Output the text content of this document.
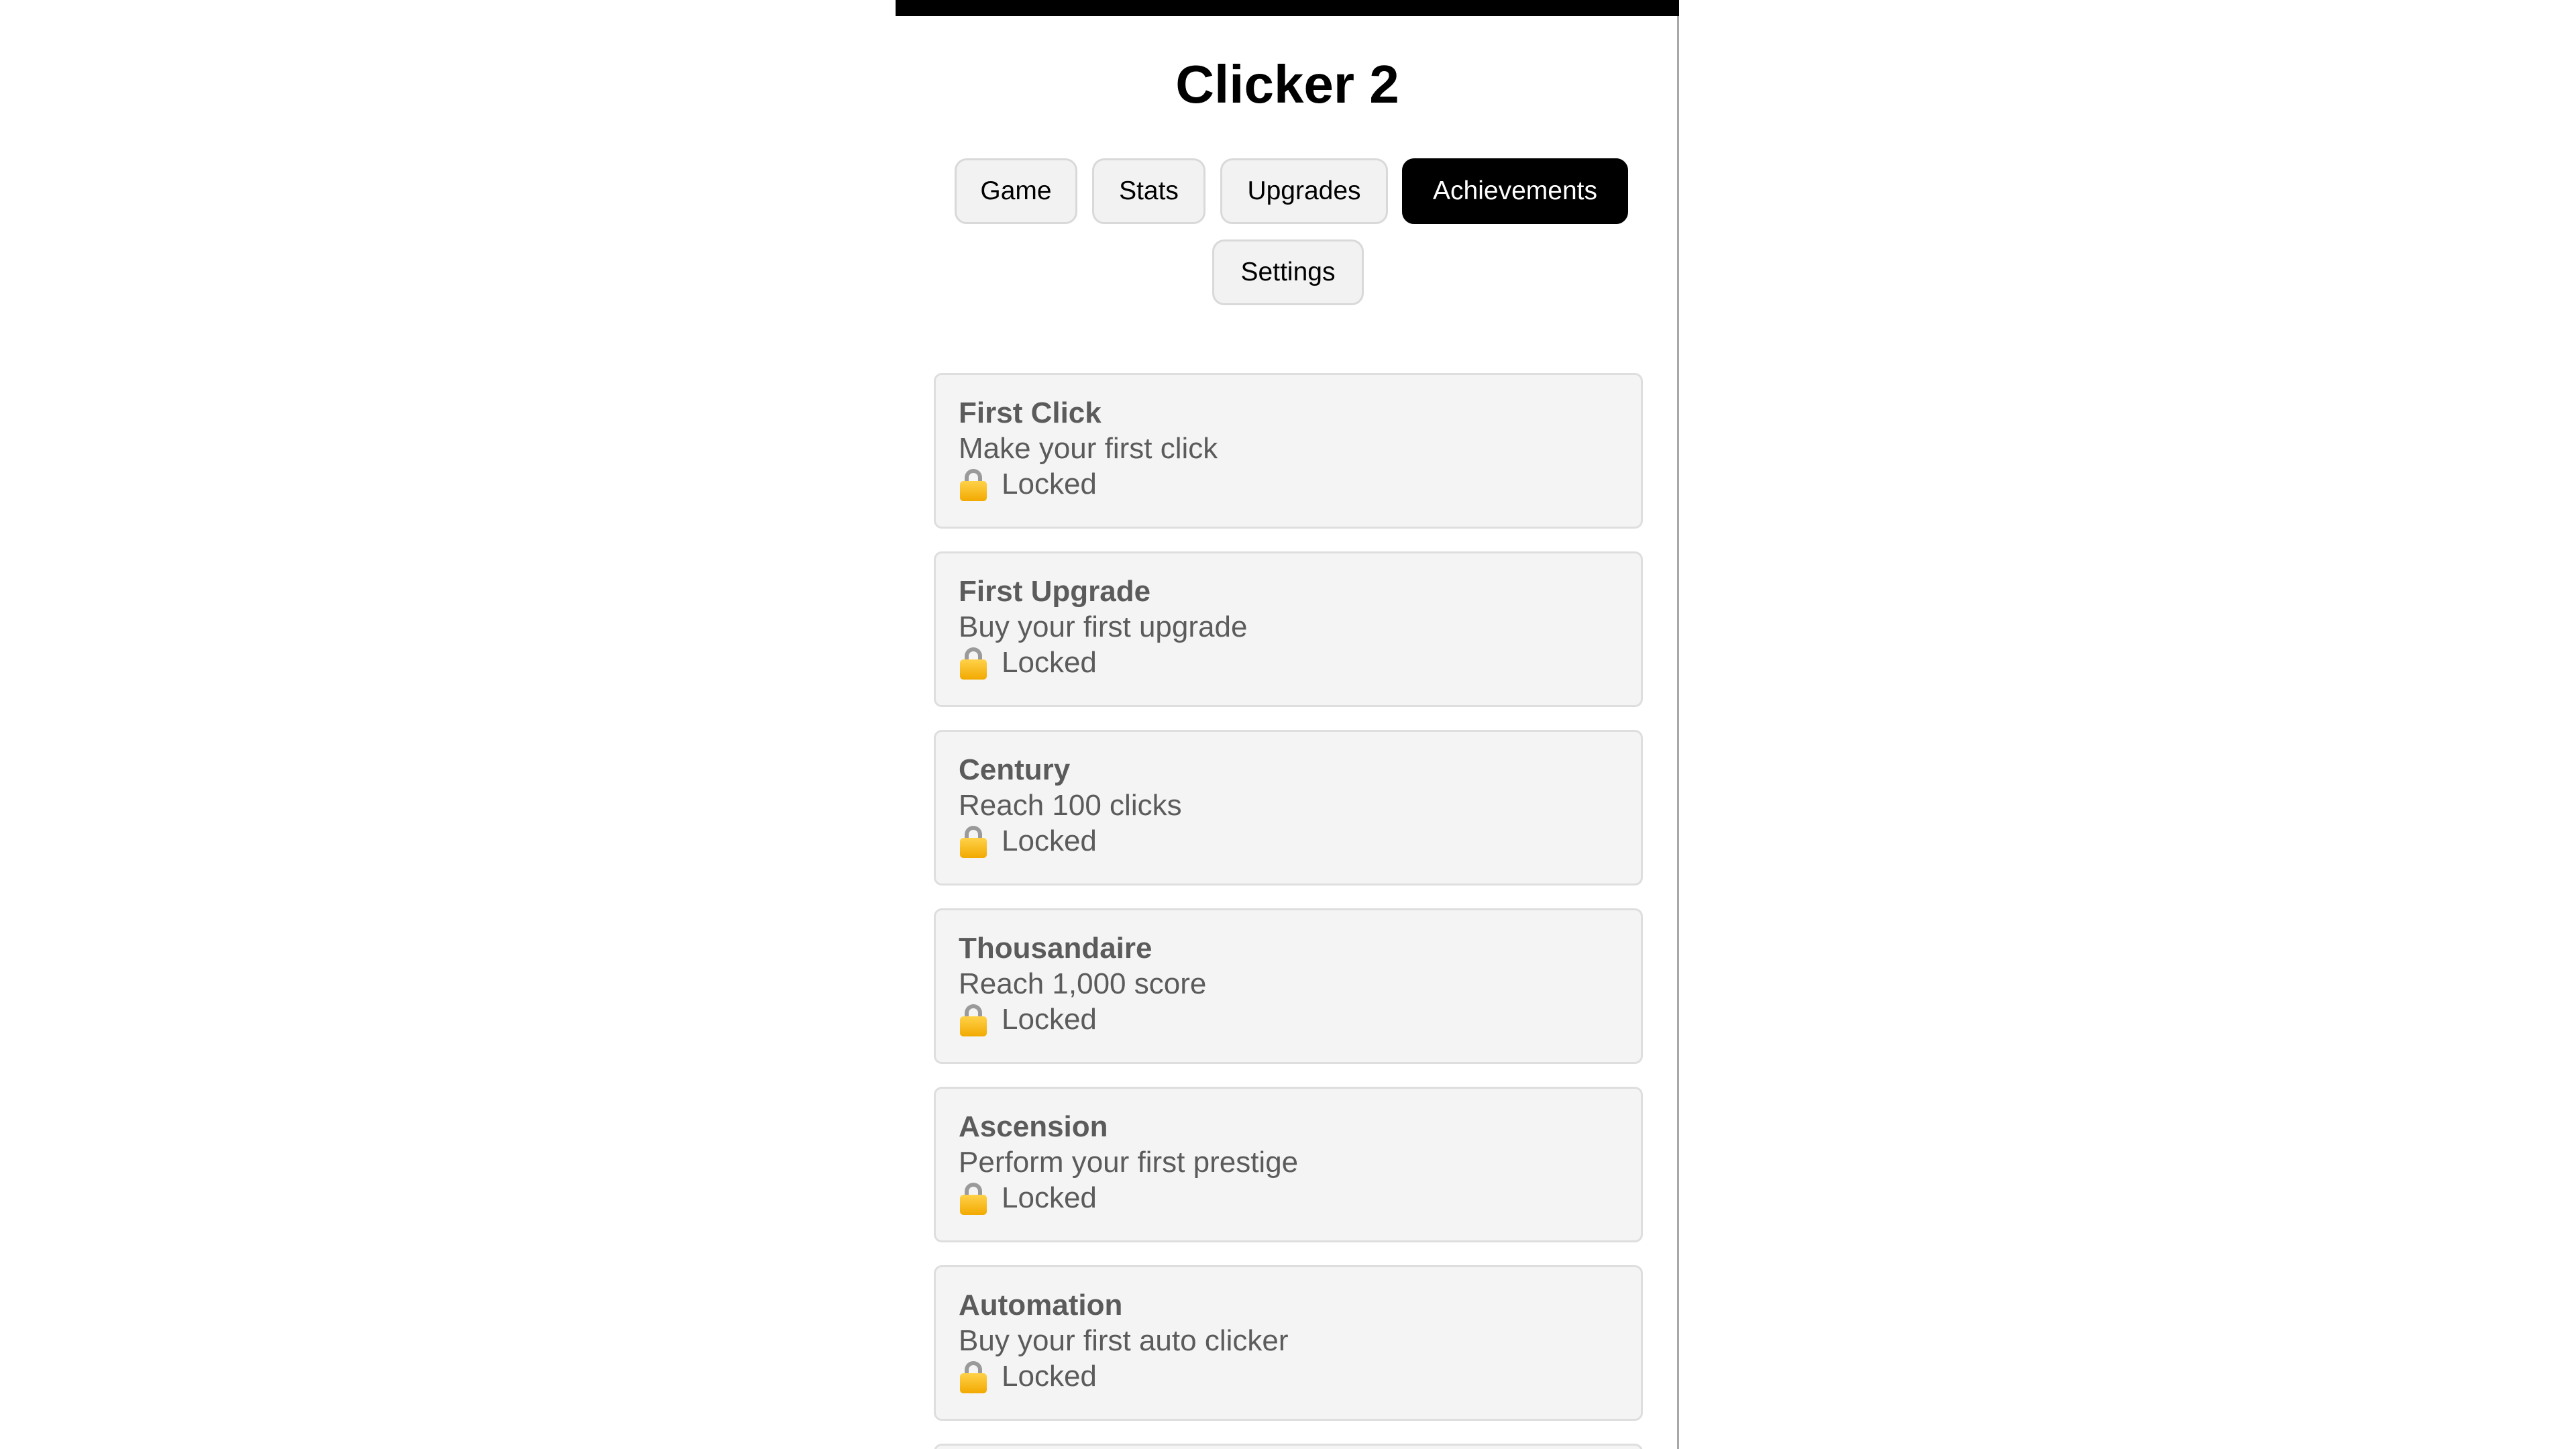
Clicker 2
Game	Stats	Upgrades	Achievements
Settings
First Click
Make your first click
Locked
First Upgrade
Buy your first upgrade
Locked
Century
Reach 100 clicks
Locked
Thousandaire
Reach 1,000 score
Locked
Ascension
Perform your first prestige
Locked
Automation
Buy your first auto clicker
Locked
